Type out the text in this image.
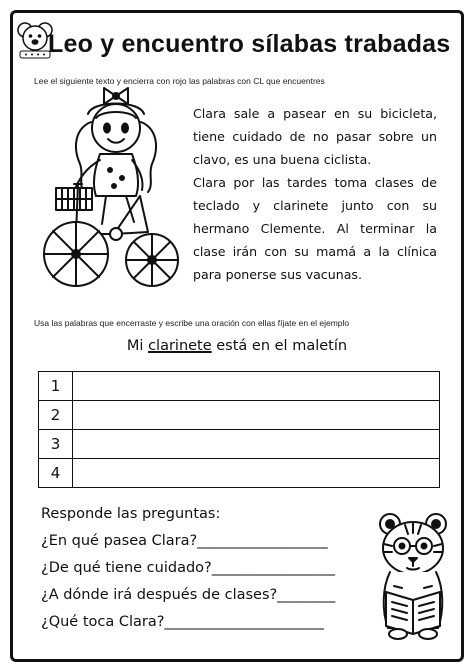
Leo y encuentro sílabas trabadas
Lee el siguiente texto y encierra con rojo las palabras con CL que encuentres

Clara sale a pasear en su bicicleta, tiene cuidado de no pasar sobre un clavo, es una buena ciclista.

Clara por las tardes toma clases de teclado y clarinete junto con su hermano Clemente. Al terminar la clase irán con su mamá a la clínica para ponerse sus vacunas.

Usa las palabras que encerraste y escribe una oración con ellas fíjate en el ejemplo
Mi clarinete está en el maletín
1
2
3
4
Responde las preguntas:
¿En qué pasea Clara?__________________
¿De qué tiene cuidado?_________________
¿A dónde irá después de clases?________
¿Qué toca Clara?______________________
